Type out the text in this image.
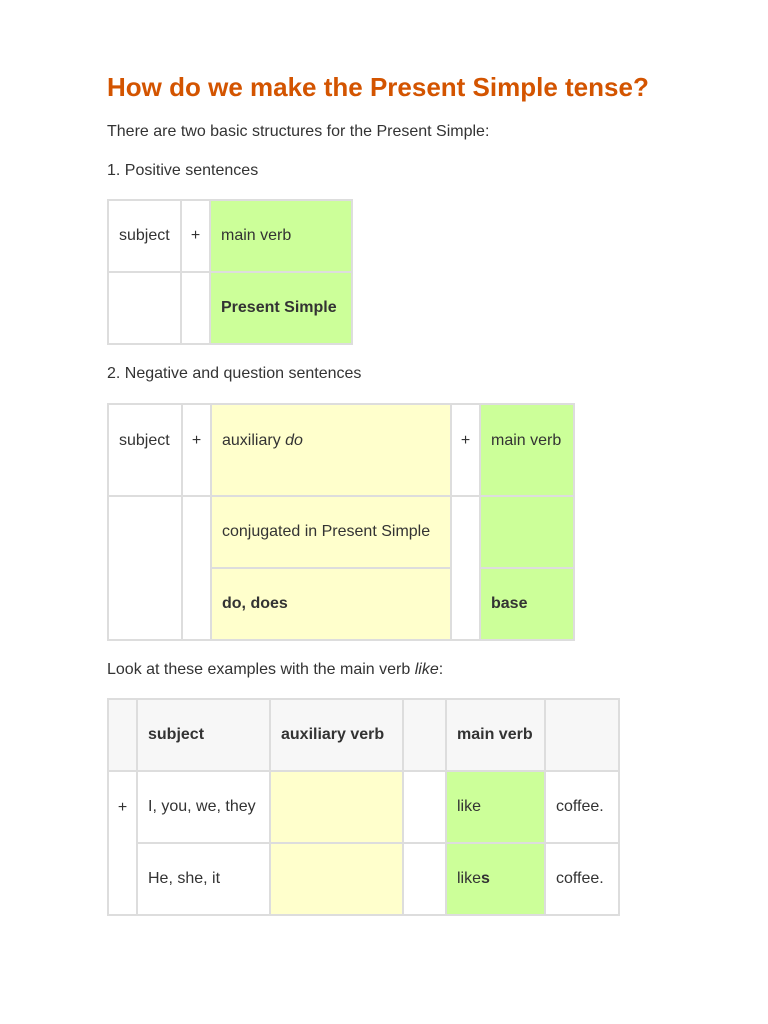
How do we make the Present Simple tense?

There are two basic structures for the Present Simple:

1. Positive sentences

subject	+	main verb
		Present Simple

2. Negative and question sentences

subject	+	auxiliary do	+	main verb
		conjugated in Present Simple		
		do, does		base

Look at these examples with the main verb like:

	subject	auxiliary verb		main verb	
+	I, you, we, they			like	coffee.
	He, she, it			likes	coffee.
